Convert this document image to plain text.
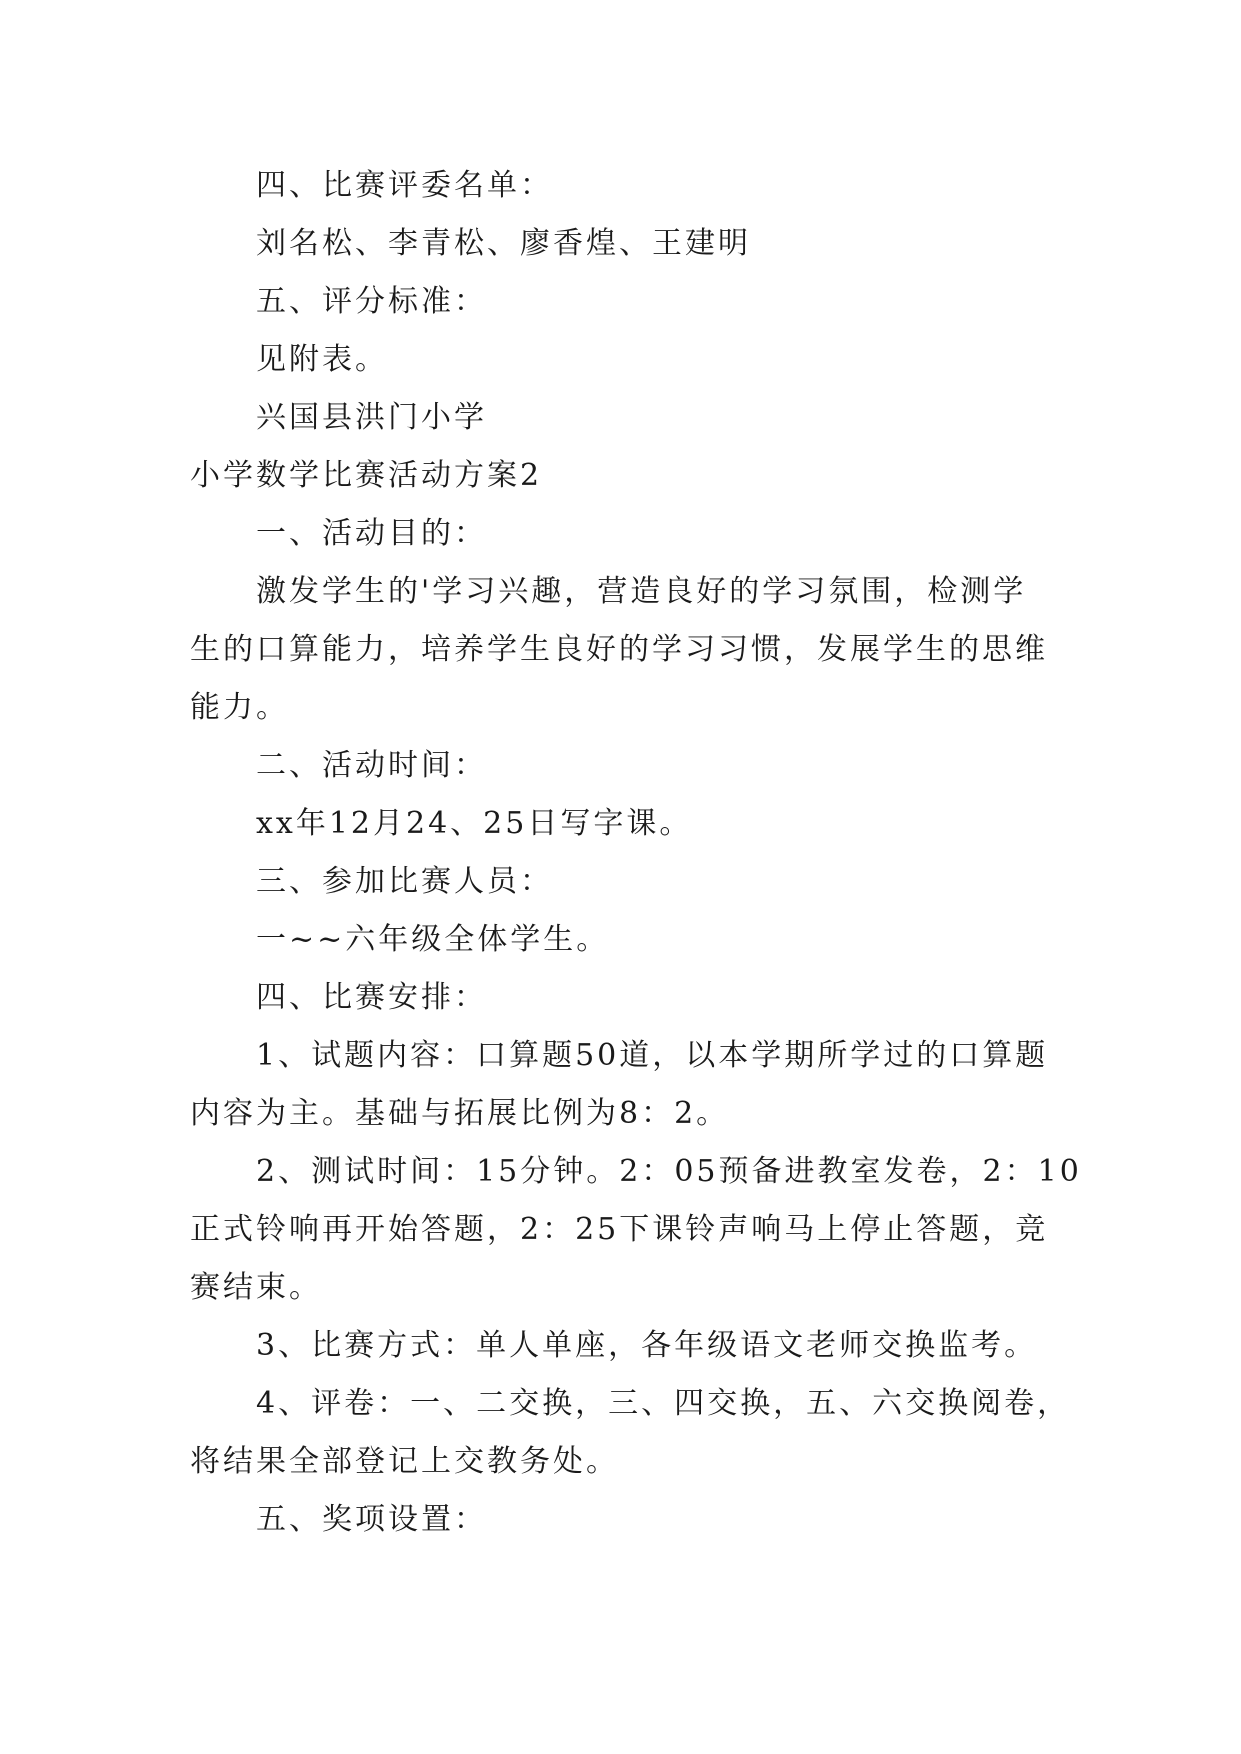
四、比赛评委名单：
刘名松、李青松、廖香煌、王建明
五、评分标准：
见附表。
兴国县洪门小学
小学数学比赛活动方案2
一、活动目的：
激发学生的'学习兴趣，营造良好的学习氛围，检测学
生的口算能力，培养学生良好的学习习惯，发展学生的思维
能力。
二、活动时间：
xx年12月24、25日写字课。
三、参加比赛人员：
一~~六年级全体学生。
四、比赛安排：
1、试题内容：口算题50道，以本学期所学过的口算题
内容为主。基础与拓展比例为8：2。
2、测试时间：15分钟。2：05预备进教室发卷，2：10
正式铃响再开始答题，2：25下课铃声响马上停止答题，竞
赛结束。
3、比赛方式：单人单座，各年级语文老师交换监考。
4、评卷：一、二交换，三、四交换，五、六交换阅卷，
将结果全部登记上交教务处。
五、奖项设置：
